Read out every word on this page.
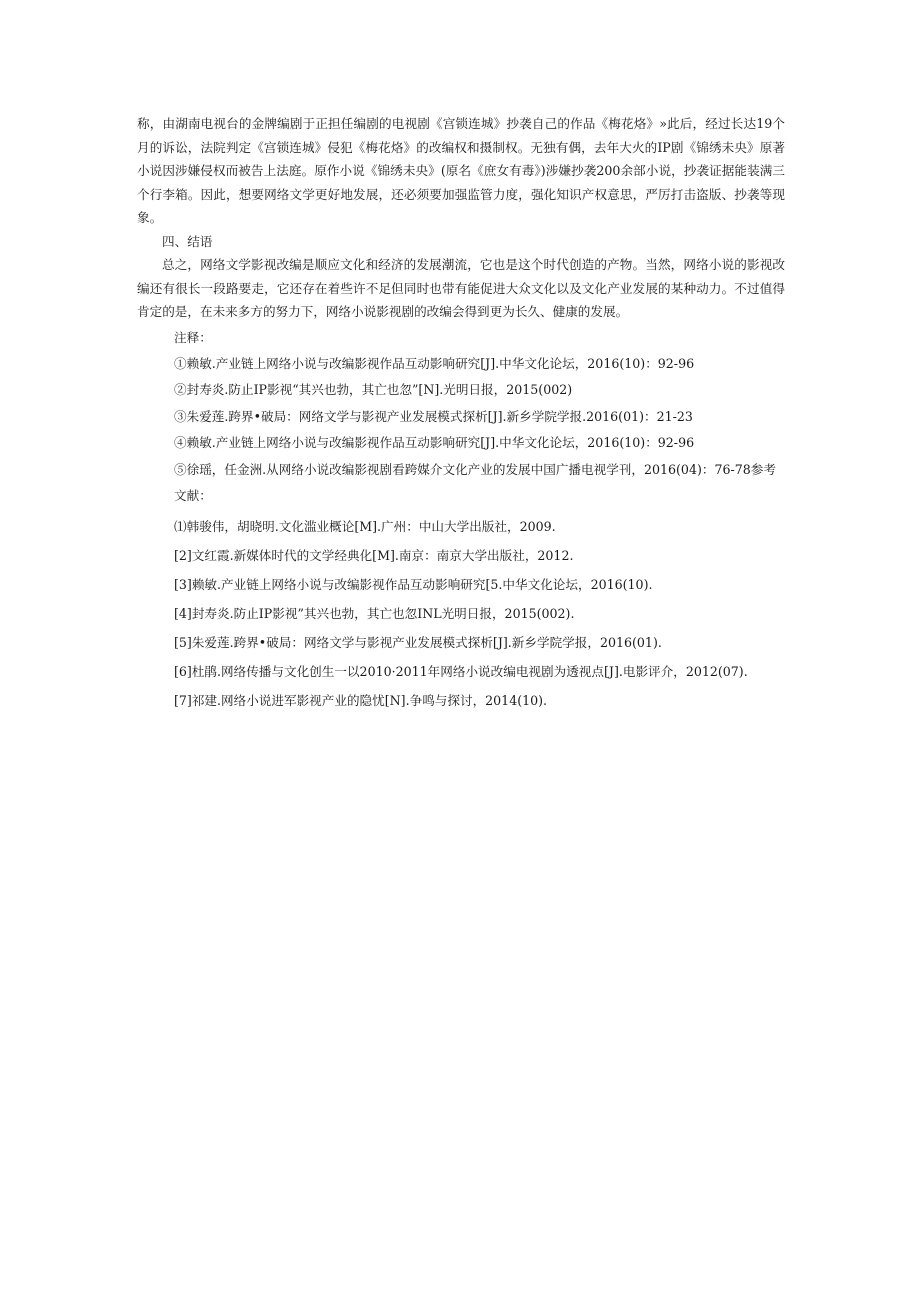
称，由湖南电视台的金牌编剧于正担任编剧的电视剧《宫锁连城》抄袭自己的作品《梅花烙》»此后，经过长达19个月的诉讼，法院判定《宫锁连城》侵犯《梅花烙》的改编权和摄制权。无独有偶，去年大火的IP剧《锦绣未央》原著小说因涉嫌侵权而被告上法庭。原作小说《锦绣未央》(原名《庶女有毒》)涉嫌抄袭200余部小说，抄袭证据能装满三个行李箱。因此，想要网络文学更好地发展，还必须要加强监管力度，强化知识产权意思，严厉打击盗版、抄袭等现象。

四、结语

总之，网络文学影视改编是顺应文化和经济的发展潮流，它也是这个时代创造的产物。当然，网络小说的影视改编还有很长一段路要走，它还存在着些许不足但同时也带有能促进大众文化以及文化产业发展的某种动力。不过值得肯定的是，在未来多方的努力下，网络小说影视剧的改编会得到更为长久、健康的发展。

注释：

①赖敏.产业链上网络小说与改编影视作品互动影响研究[J].中华文化论坛，2016(10)：92-96

②封寿炎.防止IP影视“其兴也勃，其亡也忽”[N].光明日报，2015(002)

③朱爱莲.跨界•破局：网络文学与影视产业发展模式探析[J].新乡学院学报.2016(01)：21-23

④赖敏.产业链上网络小说与改编影视作品互动影响研究[J].中华文化论坛，2016(10)：92-96

⑤徐瑶，任金洲.从网络小说改编影视剧看跨媒介文化产业的发展中国广播电视学刊，2016(04)：76-78参考文献：

⑴韩骏伟，胡晓明.文化滥业概论[M].广州：中山大学出版社，2009.

[2]文红霞.新媒体时代的文学经典化[M].南京：南京大学出版社，2012.

[3]赖敏.产业链上网络小说与改编影视作品互动影响研究[5.中华文化论坛，2016(10).

[4]封寿炎.防止IP影视”其兴也勃，其亡也忽INL光明日报，2015(002).

[5]朱爱莲.跨界•破局：网络文学与影视产业发展模式探析[J].新乡学院学报，2016(01).

[6]杜鹃.网络传播与文化创生一以2010·2011年网络小说改编电视剧为透视点[J].电影评介，2012(07).

[7]祁建.网络小说进军影视产业的隐忧[N].争鸣与探讨，2014(10).
